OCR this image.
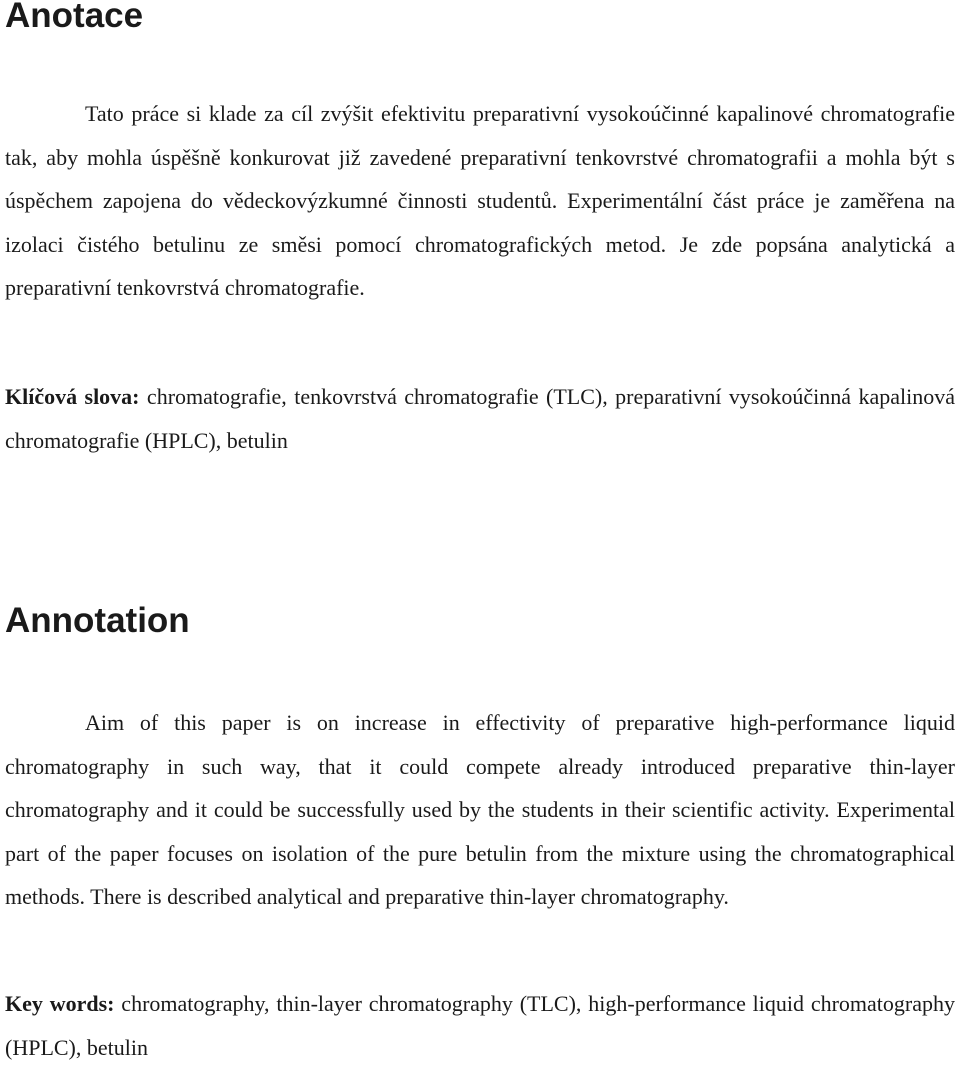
Anotace

Tato práce si klade za cíl zvýšit efektivitu preparativní vysokoúčinné kapalinové chromatografie tak, aby mohla úspěšně konkurovat již zavedené preparativní tenkovrstvé chromatografii a mohla být s úspěchem zapojena do vědeckovýzkumné činnosti studentů. Experimentální část práce je zaměřena na izolaci čistého betulinu ze směsi pomocí chromatografických metod. Je zde popsána analytická a preparativní tenkovrstvá chromatografie.

Klíčová slova: chromatografie, tenkovrstvá chromatografie (TLC), preparativní vysokoúčinná kapalinová chromatografie (HPLC), betulin

Annotation

Aim of this paper is on increase in effectivity of preparative high-performance liquid chromatography in such way, that it could compete already introduced preparative thin-layer chromatography and it could be successfully used by the students in their scientific activity. Experimental part of the paper focuses on isolation of the pure betulin from the mixture using the chromatographical methods. There is described analytical and preparative thin-layer chromatography.

Key words: chromatography, thin-layer chromatography (TLC), high-performance liquid chromatography (HPLC), betulin
